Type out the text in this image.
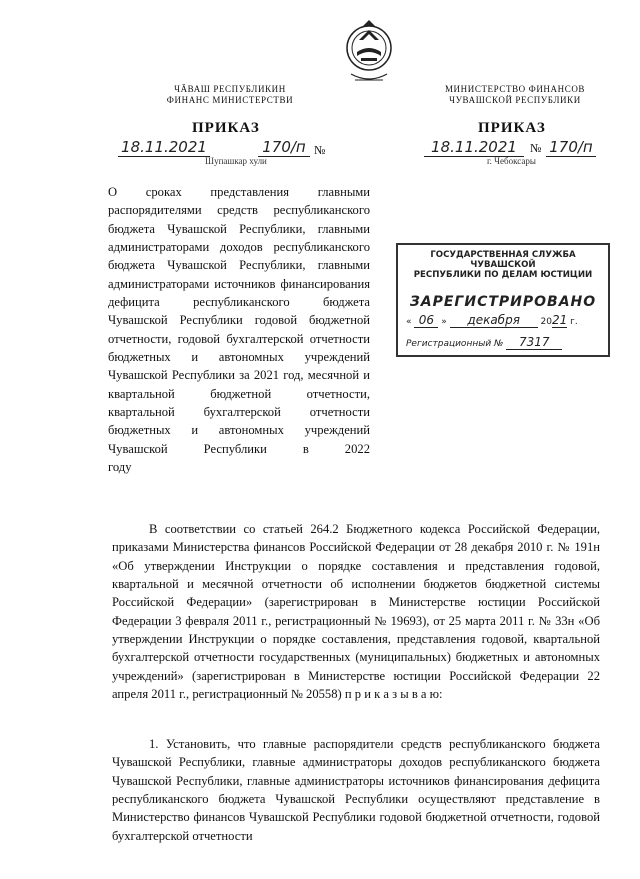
ЧĂВАШ РЕСПУБЛИКИН
ФИНАНС МИНИСТЕРСТВИ
МИНИСТЕРСТВО ФИНАНСОВ
ЧУВАШСКОЙ РЕСПУБЛИКИ
ПРИКАЗ	ПРИКАЗ
18.11.2021	170/п №
Шупашкар хули
18.11.2021	№ 170/п
г. Чебоксары
О сроках представления главными распорядителями средств республиканского бюджета Чувашской Республики, главными администраторами доходов республиканского бюджета Чувашской Республики, главными администраторами источников финансирования дефицита республиканского бюджета Чувашской Республики годовой бюджетной отчетности, годовой бухгалтерской отчетности бюджетных и автономных учреждений Чувашской Республики за 2021 год, месячной и квартальной бюджетной отчетности, квартальной бухгалтерской отчетности бюджетных и автономных учреждений Чувашской Республики в 2022
году
ГОСУДАРСТВЕННАЯ СЛУЖБА ЧУВАШСКОЙ
РЕСПУБЛИКИ ПО ДЕЛАМ ЮСТИЦИИ
ЗАРЕГИСТРИРОВАНО
« 06 » декабря 2021 г.
Регистрационный № 7317
В соответствии со статьей 264.2 Бюджетного кодекса Российской Федерации, приказами Министерства финансов Российской Федерации от 28 декабря 2010 г. № 191н «Об утверждении Инструкции о порядке составления и представления годовой, квартальной и месячной отчетности об исполнении бюджетов бюджетной системы Российской Федерации» (зарегистрирован в Министерстве юстиции Российской Федерации 3 февраля 2011 г., регистрационный № 19693), от 25 марта 2011 г. № 33н «Об утверждении Инструкции о порядке составления, представления годовой, квартальной бухгалтерской отчетности государственных (муниципальных) бюджетных и автономных учреждений» (зарегистрирован в Министерстве юстиции Российской Федерации 22 апреля 2011 г., регистрационный № 20558) п р и к а з ы в а ю:
1. Установить, что главные распорядители средств республиканского бюджета Чувашской Республики, главные администраторы доходов республиканского бюджета Чувашской Республики, главные администраторы источников финансирования дефицита республиканского бюджета Чувашской Республики осуществляют представление в Министерство финансов Чувашской Республики годовой бюджетной отчетности, годовой бухгалтерской отчетности
